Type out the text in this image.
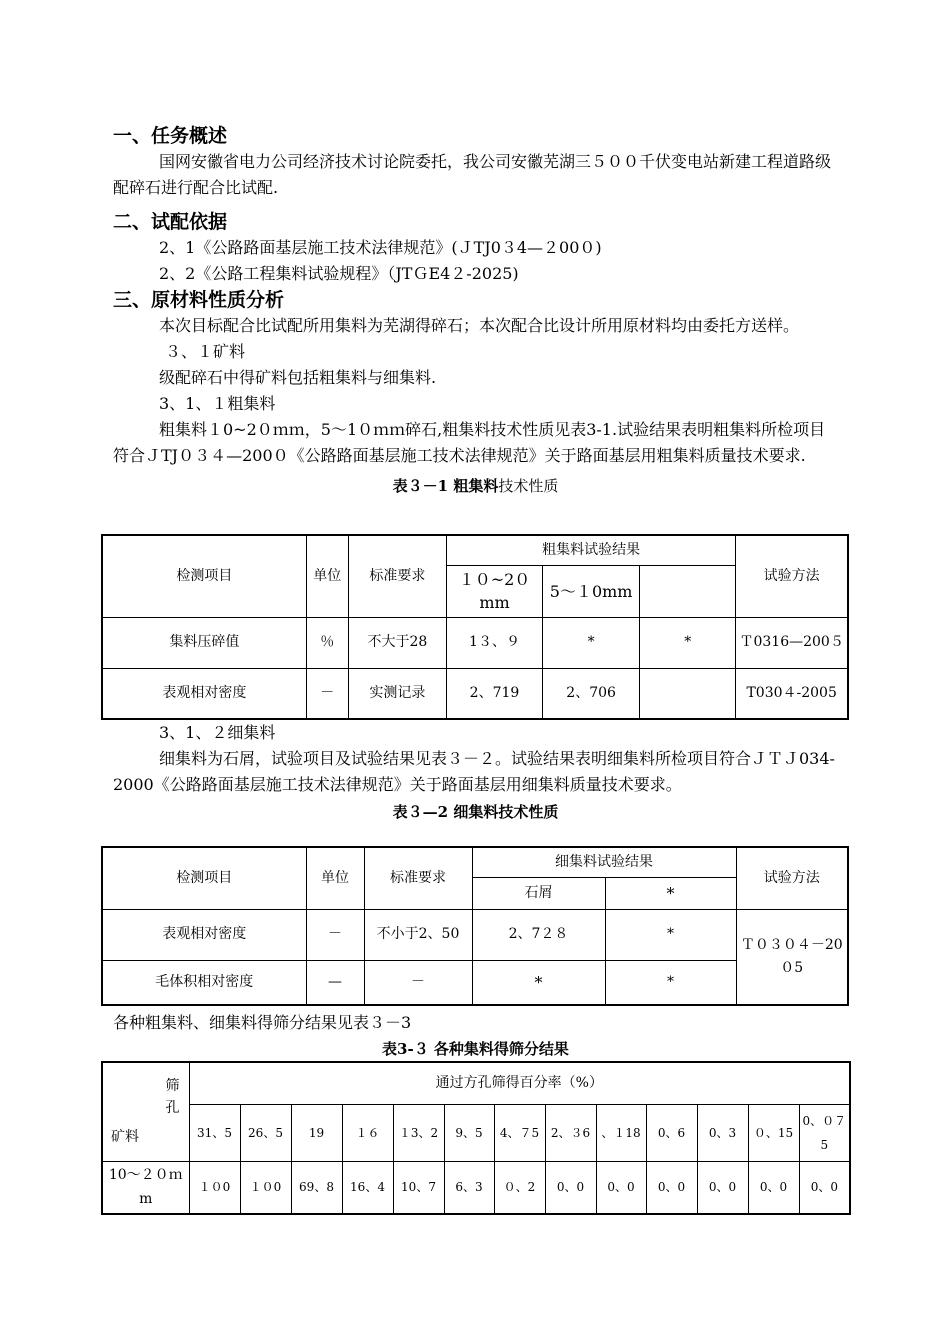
一、任务概述

国网安徽省电力公司经济技术讨论院委托，我公司安徽芜湖三５００千伏变电站新建工程道路级配碎石进行配合比试配.

二、试配依据

2、1《公路路面基层施工技术法律规范》(ＪTJ0３4—２00０)

2、2《公路工程集料试验规程》（JTＧE4２-2025)

三、原材料性质分析

本次目标配合比试配所用集料为芜湖得碎石；本次配合比设计所用原材料均由委托方送样。

３、１矿料

级配碎石中得矿料包括粗集料与细集料.

3、1、１粗集料

粗集料１0~2０ｍｍ，5～1０ｍｍ碎石,粗集料技术性质见表3-1.试验结果表明粗集料所检项目符合ＪTJ０３４—200０《公路路面基层施工技术法律规范》关于路面基层用粗集料质量技术要求.

表３－1 粗集料技术性质

检测项目	单位	标准要求	粗集料试验结果			试验方法
			１０~2０mm	5～１0mm		
集料压碎值	％	不大于28	1３、９	*	*	Ｔ0316—200５
表观相对密度	－	实测记录	2、719	2、706		T030４-2005

3、1、２细集料

细集料为石屑，试验项目及试验结果见表３－２。试验结果表明细集料所检项目符合ＪＴＪ034-2000《公路路面基层施工技术法律规范》关于路面基层用细集料质量技术要求。

表３—2 细集料技术性质

检测项目	单位	标准要求	细集料试验结果		试验方法
			石屑	*	
表观相对密度	－	不小于2、50	2、7２８	*	Ｔ０３０４－20０5
毛体积相对密度	—	－	*	*	

各种粗集料、细集料得筛分结果见表３－3

表3-３ 各种集料得筛分结果

筛孔
矿料	通过方孔筛得百分率（%）												
	31、5	26、5	19	１６	１3、2	9、5	4、７5	2、３6	、１18	0、6	0、3	０、15	0、０７5
10～２０ｍm	１０0	１０0	69、8	16、4	10、7	6、3	０、2	0、0	0、0	0、0	0、0	0、0	0、0
